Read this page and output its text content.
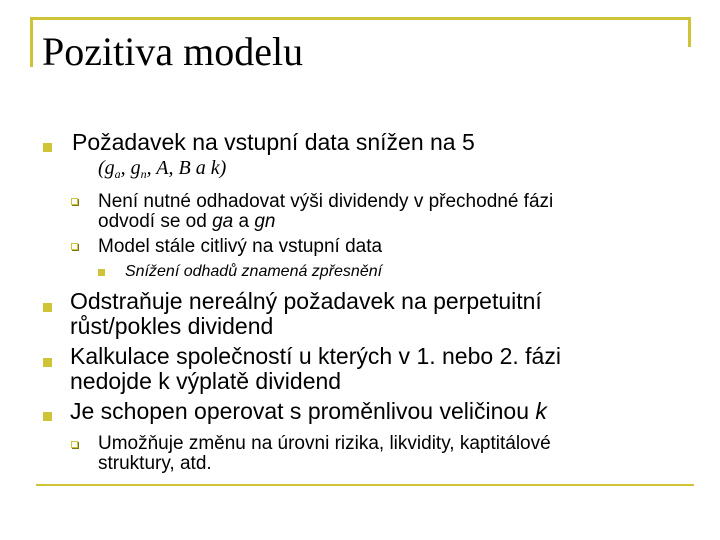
Pozitiva modelu
Požadavek na vstupní data snížen na 5
($g_a$, $g_n$, A, B a k)
Není nutné odhadovat výši dividendy v přechodné fázi
odvodí se od ga a gn
Model stále citlivý na vstupní data
Snížení odhadů znamená zpřesnění
Odstraňuje nereálný požadavek na perpetuitní
růst/pokles dividend
Kalkulace společností u kterých v 1. nebo 2. fázi
nedojde k výplatě dividend
Je schopen operovat s proměnlivou veličinou k
Umožňuje změnu na úrovni rizika, likvidity, kaptitálové
struktury, atd.
